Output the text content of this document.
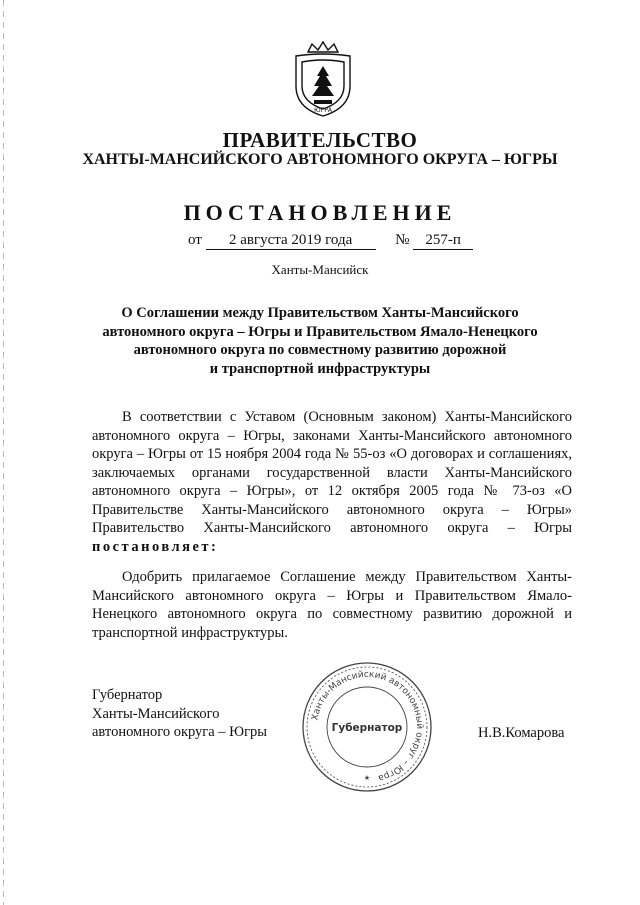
ЮГРА
ПРАВИТЕЛЬСТВО
ХАНТЫ-МАНСИЙСКОГО АВТОНОМНОГО ОКРУГА – ЮГРЫ
ПОСТАНОВЛЕНИЕ
от 2 августа 2019 года	№ 257-п
Ханты-Мансийск
О Соглашении между Правительством Ханты-Мансийского
автономного округа – Югры и Правительством Ямало-Ненецкого
автономного округа по совместному развитию дорожной
и транспортной инфраструктуры
В соответствии с Уставом (Основным законом) Ханты-Мансийского автономного округа – Югры, законами Ханты-Мансийского автономного округа – Югры от 15 ноября 2004 года № 55-оз «О договорах и соглашениях, заключаемых органами государственной власти Ханты-Мансийского автономного округа – Югры», от 12 октября 2005 года № 73-оз «О Правительстве Ханты-Мансийского автономного округа – Югры» Правительство Ханты-Мансийского автономного округа – Югры постановляет:
Одобрить прилагаемое Соглашение между Правительством Ханты-Мансийского автономного округа – Югры и Правительством Ямало-Ненецкого автономного округа по совместному развитию дорожной и транспортной инфраструктуры.
Губернатор
Ханты-Мансийского
автономного округа – Югры
Ханты-Мансийский автономный округ – Югра
Губернатор
★
Н.В.Комарова
